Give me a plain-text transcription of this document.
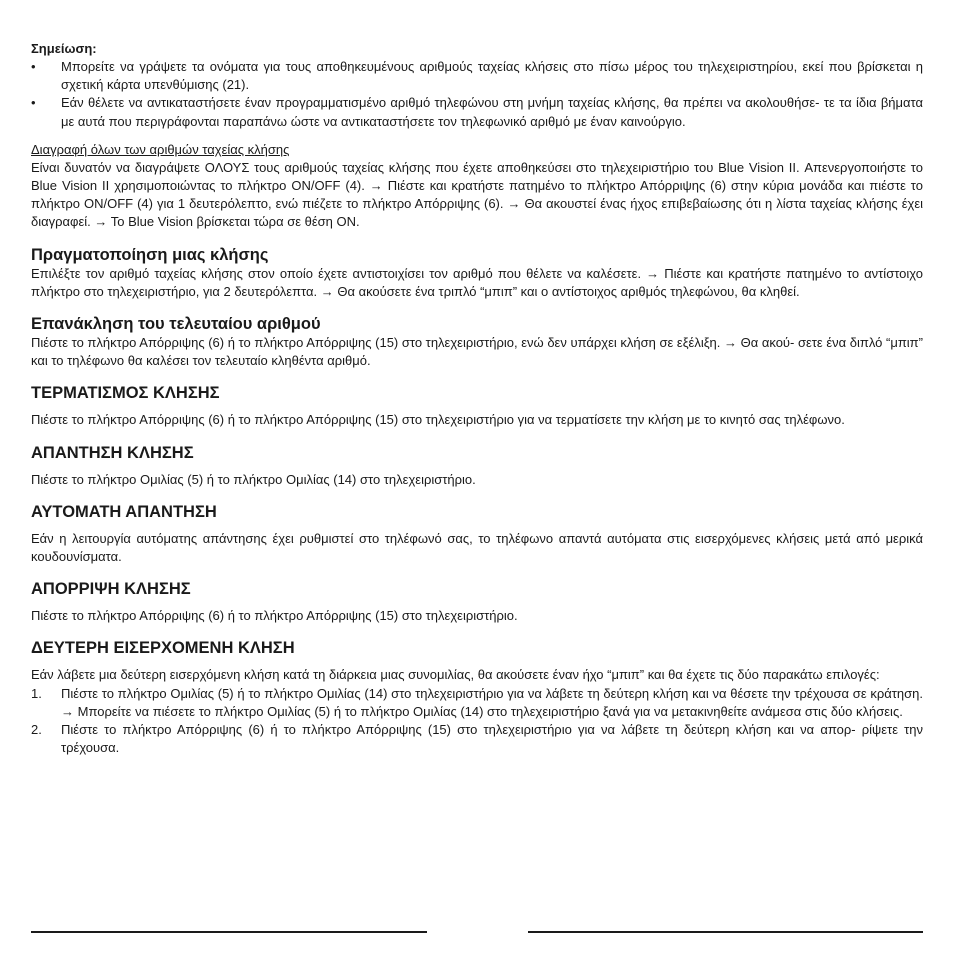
Σημείωση:

• Μπορείτε να γράψετε τα ονόματα για τους αποθηκευμένους αριθμούς ταχείας κλήσεις στο πίσω μέρος του τηλεχειριστηρίου, εκεί που βρίσκεται η σχετική κάρτα υπενθύμισης (21).
• Εάν θέλετε να αντικαταστήσετε έναν προγραμματισμένο αριθμό τηλεφώνου στη μνήμη ταχείας κλήσης, θα πρέπει να ακολουθήσε- τε τα ίδια βήματα με αυτά που περιγράφονται παραπάνω ώστε να αντικαταστήσετε τον τηλεφωνικό αριθμό με έναν καινούργιο.

Διαγραφή όλων των αριθμών ταχείας κλήσης

Είναι δυνατόν να διαγράψετε ΟΛΟΥΣ τους αριθμούς ταχείας κλήσης που έχετε αποθηκεύσει στο τηλεχειριστήριο του Blue Vision II. Απενεργοποιήστε το Blue Vision II χρησιμοποιώντας το πλήκτρο ON/OFF (4). → Πιέστε και κρατήστε πατημένο το πλήκτρο Απόρριψης (6) στην κύρια μονάδα και πιέστε το πλήκτρο ON/OFF (4) για 1 δευτερόλεπτο, ενώ πιέζετε το πλήκτρο Απόρριψης (6). → Θα ακουστεί ένας ήχος επιβεβαίωσης ότι η λίστα ταχείας κλήσης έχει διαγραφεί. → Το Blue Vision βρίσκεται τώρα σε θέση ON.

Πραγματοποίηση μιας κλήσης

Επιλέξτε τον αριθμό ταχείας κλήσης στον οποίο έχετε αντιστοιχίσει τον αριθμό που θέλετε να καλέσετε. → Πιέστε και κρατήστε πατημένο το αντίστοιχο πλήκτρο στο τηλεχειριστήριο, για 2 δευτερόλεπτα. → Θα ακούσετε ένα τριπλό “μπιπ” και ο αντίστοιχος αριθμός τηλεφώνου, θα κληθεί.

Επανάκληση του τελευταίου αριθμού

Πιέστε το πλήκτρο Απόρριψης (6) ή το πλήκτρο Απόρριψης (15) στο τηλεχειριστήριο, ενώ δεν υπάρχει κλήση σε εξέλιξη. → Θα ακού- σετε ένα διπλό “μπιπ” και το τηλέφωνο θα καλέσει τον τελευταίο κληθέντα αριθμό.

ΤΕΡΜΑΤΙΣΜΟΣ ΚΛΗΣΗΣ

Πιέστε το πλήκτρο Απόρριψης (6) ή το πλήκτρο Απόρριψης (15) στο τηλεχειριστήριο για να τερματίσετε την κλήση με το κινητό σας τηλέφωνο.

ΑΠΑΝΤΗΣΗ ΚΛΗΣΗΣ

Πιέστε το πλήκτρο Ομιλίας (5) ή το πλήκτρο Ομιλίας (14) στο τηλεχειριστήριο.

ΑΥΤΟΜΑΤΗ ΑΠΑΝΤΗΣΗ

Εάν η λειτουργία αυτόματης απάντησης έχει ρυθμιστεί στο τηλέφωνό σας, το τηλέφωνο απαντά αυτόματα στις εισερχόμενες κλήσεις μετά από μερικά κουδουνίσματα.

ΑΠΟΡΡΙΨΗ ΚΛΗΣΗΣ

Πιέστε το πλήκτρο Απόρριψης (6) ή το πλήκτρο Απόρριψης (15) στο τηλεχειριστήριο.

ΔΕΥΤΕΡΗ ΕΙΣΕΡΧΟΜΕΝΗ ΚΛΗΣΗ

Εάν λάβετε μια δεύτερη εισερχόμενη κλήση κατά τη διάρκεια μιας συνομιλίας, θα ακούσετε έναν ήχο “μπιπ” και θα έχετε τις δύο παρακάτω επιλογές:

1. Πιέστε το πλήκτρο Ομιλίας (5) ή το πλήκτρο Ομιλίας (14) στο τηλεχειριστήριο για να λάβετε τη δεύτερη κλήση και να θέσετε την τρέχουσα σε κράτηση. → Μπορείτε να πιέσετε το πλήκτρο Ομιλίας (5) ή το πλήκτρο Ομιλίας (14) στο τηλεχειριστήριο ξανά για να μετακινηθείτε ανάμεσα στις δύο κλήσεις.
2. Πιέστε το πλήκτρο Απόρριψης (6) ή το πλήκτρο Απόρριψης (15) στο τηλεχειριστήριο για να λάβετε τη δεύτερη κλήση και να απορ- ρίψετε την τρέχουσα.
